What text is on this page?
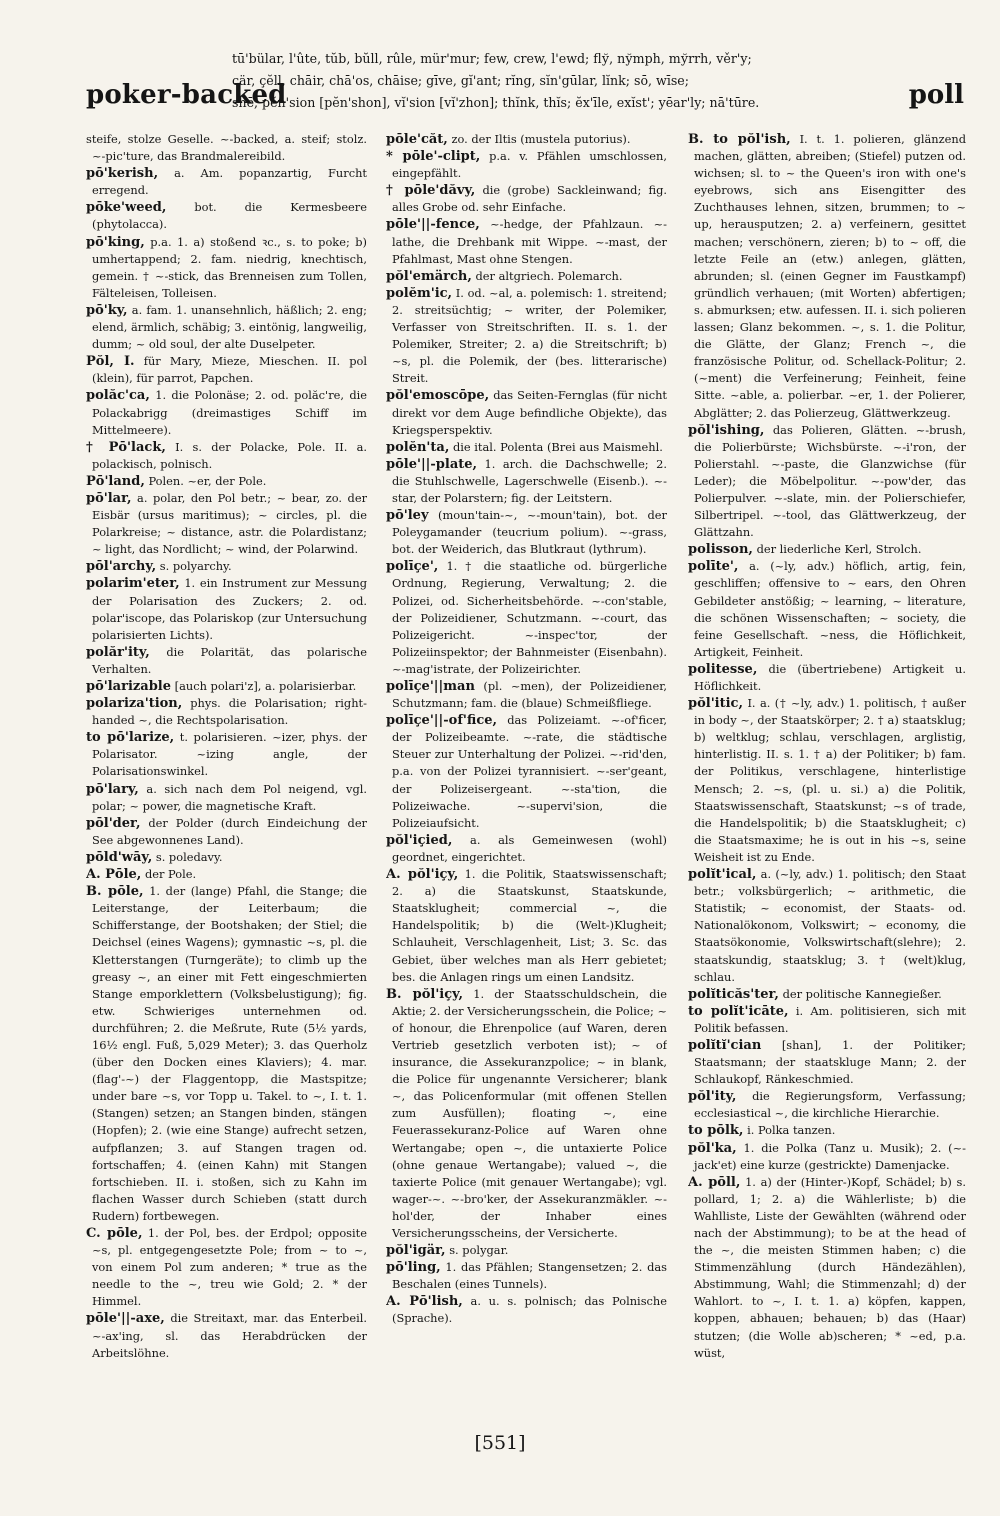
poker-backed
tū'bülar, l'ûte, tŭb, bŭll, rûle, mür'mur; few, crew, l'ewd; flў, nўmph, mўrrh, věr'y;
cär, çĕll, chāir, chā'os, chāise; gīve, gĭ'ant; rĭng, sĭn'gūlar, lĭnk; sō, wīse;
shē, pĕn'sion [pĕn'shon], vĭ'sion [vĭ'zhon]; thĭnk, thĭs; ĕx'īle, exĭst'; yēar'ly; nā'tūre.	poll

steife, stolze Geselle. ~-backed, a. steif; stolz. ~-pic'ture, das Brandmalereibild.

pō'kerish, a. Am. popanzartig, Furcht erregend.

pōke'weed, bot. die Kermesbeere (phytolacca).

pō'king, p.a. 1. a) stoßend ꝛc., s. to poke; b) umhertappend; 2. fam. niedrig, knechtisch, gemein. † ~-stick, das Brenneisen zum Tollen, Fälteleisen, Tolleisen.

pō'ky, a. fam. 1. unansehnlich, häßlich; 2. eng; elend, ärmlich, schäbig; 3. eintönig, langweilig, dumm; ~ old soul, der alte Duselpeter.

Pŏl, I. für Mary, Mieze, Mieschen. II. pol (klein), für parrot, Papchen.

polăc'ca, 1. die Polonäse; 2. od. polăc're, die Polackabrigg (dreimastiges Schiff im Mittelmeere).

† Pō'lack, I. s. der Polacke, Pole. II. a. polackisch, polnisch.

Pō'land, Polen. ~er, der Pole.

pō'lar, a. polar, den Pol betr.; ~ bear, zo. der Eisbär (ursus maritimus); ~ circles, pl. die Polarkreise; ~ distance, astr. die Polardistanz; ~ light, das Nordlicht; ~ wind, der Polarwind.

pōl'archy, s. polyarchy.

polarim'eter, 1. ein Instrument zur Messung der Polarisation des Zuckers; 2. od. polar'iscope, das Polariskop (zur Untersuchung polarisierten Lichts).

polăr'ity, die Polarität, das polarische Verhalten.

pō'larizable [auch polari'z], a. polarisierbar.

polariza'tion, phys. die Polarisation; right-handed ~, die Rechtspolarisation.

to pō'larize, t. polarisieren. ~izer, phys. der Polarisator. ~izing angle, der Polarisationswinkel.

pō'lary, a. sich nach dem Pol neigend, vgl. polar; ~ power, die magnetische Kraft.

pōl'der, der Polder (durch Eindeichung der See abgewonnenes Land).

pōld'wāy, s. poledavy.

A. Pōle, der Pole.

B. pōle, 1. der (lange) Pfahl, die Stange; die Leiterstange, der Leiterbaum; die Schifferstange, der Bootshaken; der Stiel; die Deichsel (eines Wagens); gymnastic ~s, pl. die Kletterstangen (Turngeräte); to climb up the greasy ~, an einer mit Fett eingeschmierten Stange emporklettern (Volksbelustigung); fig. etw. Schwieriges unternehmen od. durchführen; 2. die Meßrute, Rute (5½ yards, 16½ engl. Fuß, 5,029 Meter); 3. das Querholz (über den Docken eines Klaviers); 4. mar. (flag'-~) der Flaggentopp, die Mastspitze; under bare ~s, vor Topp u. Takel. to ~, I. t. 1. (Stangen) setzen; an Stangen binden, stängen (Hopfen); 2. (wie eine Stange) aufrecht setzen, aufpflanzen; 3. auf Stangen tragen od. fortschaffen; 4. (einen Kahn) mit Stangen fortschieben. II. i. stoßen, sich zu Kahn im flachen Wasser durch Schieben (statt durch Rudern) fortbewegen.

C. pōle, 1. der Pol, bes. der Erdpol; opposite ~s, pl. entgegengesetzte Pole; from ~ to ~, von einem Pol zum anderen; * true as the needle to the ~, treu wie Gold; 2. * der Himmel.

pōle'||-axe, die Streitaxt, mar. das Enterbeil. ~-ax'ing, sl. das Herabdrücken der Arbeitslöhne.

pōle'căt, zo. der Iltis (mustela putorius).

* pōle'-clipt, p.a. v. Pfählen umschlossen, eingepfählt.

† pōle'dăvy, die (grobe) Sackleinwand; fig. alles Grobe od. sehr Einfache.

pōle'||-fence, ~-hedge, der Pfahlzaun. ~-lathe, die Drehbank mit Wippe. ~-mast, der Pfahlmast, Mast ohne Stengen.

pŏl'emärch, der altgriech. Polemarch.

polĕm'ic, I. od. ~al, a. polemisch: 1. streitend; 2. streitsüchtig; ~ writer, der Polemiker, Verfasser von Streitschriften. II. s. 1. der Polemiker, Streiter; 2. a) die Streitschrift; b) ~s, pl. die Polemik, der (bes. litterarische) Streit.

pŏl'emoscōpe, das Seiten-Fernglas (für nicht direkt vor dem Auge befindliche Objekte), das Kriegsperspektiv.

polĕn'ta, die ital. Polenta (Brei aus Maismehl.

pōle'||-plate, 1. arch. die Dachschwelle; 2. die Stuhlschwelle, Lagerschwelle (Eisenb.). ~-star, der Polarstern; fig. der Leitstern.

pō'ley (moun'tain-~, ~-moun'tain), bot. der Poleygamander (teucrium polium). ~-grass, bot. der Weiderich, das Blutkraut (lythrum).

polīçe', 1. † die staatliche od. bürgerliche Ordnung, Regierung, Verwaltung; 2. die Polizei, od. Sicherheitsbehörde. ~-con'stable, der Polizeidiener, Schutzmann. ~-court, das Polizeigericht. ~-inspec'tor, der Polizeiinspektor; der Bahnmeister (Eisenbahn). ~-mag'istrate, der Polizeirichter.

polīçe'||man (pl. ~men), der Polizeidiener, Schutzmann; fam. die (blaue) Schmeißfliege.

polīçe'||-of'fice, das Polizeiamt. ~-of'ficer, der Polizeibeamte. ~-rate, die städtische Steuer zur Unterhaltung der Polizei. ~-rid'den, p.a. von der Polizei tyrannisiert. ~-ser'geant, der Polizeisergeant. ~-sta'tion, die Polizeiwache. ~-supervi'sion, die Polizeiaufsicht.

pŏl'içied, a. als Gemeinwesen (wohl) geordnet, eingerichtet.

A. pŏl'içy, 1. die Politik, Staatswissenschaft; 2. a) die Staatskunst, Staatskunde, Staatsklugheit; commercial ~, die Handelspolitik; b) die (Welt-)Klugheit; Schlauheit, Verschlagenheit, List; 3. Sc. das Gebiet, über welches man als Herr gebietet; bes. die Anlagen rings um einen Landsitz.

B. pŏl'içy, 1. der Staatsschuldschein, die Aktie; 2. der Versicherungsschein, die Police; ~ of honour, die Ehrenpolice (auf Waren, deren Vertrieb gesetzlich verboten ist); ~ of insurance, die Assekuranzpolice; ~ in blank, die Police für ungenannte Versicherer; blank ~, das Policenformular (mit offenen Stellen zum Ausfüllen); floating ~, eine Feuerassekuranz-Police auf Waren ohne Wertangabe; open ~, die untaxierte Police (ohne genaue Wertangabe); valued ~, die taxierte Police (mit genauer Wertangabe); vgl. wager-~. ~-bro'ker, der Assekuranzmäkler. ~-hol'der, der Inhaber eines Versicherungsscheins, der Versicherte.

pŏl'igär, s. polygar.

pō'ling, 1. das Pfählen; Stangensetzen; 2. das Beschalen (eines Tunnels).

A. Pō'lish, a. u. s. polnisch; das Polnische (Sprache).

B. to pŏl'ish, I. t. 1. polieren, glänzend machen, glätten, abreiben; (Stiefel) putzen od. wichsen; sl. to ~ the Queen's iron with one's eyebrows, sich ans Eisengitter des Zuchthauses lehnen, sitzen, brummen; to ~ up, herausputzen; 2. a) verfeinern, gesittet machen; verschönern, zieren; b) to ~ off, die letzte Feile an (etw.) anlegen, glätten, abrunden; sl. (einen Gegner im Faustkampf) gründlich verhauen; (mit Worten) abfertigen; s. abmurksen; etw. aufessen. II. i. sich polieren lassen; Glanz bekommen. ~, s. 1. die Politur, die Glätte, der Glanz; French ~, die französische Politur, od. Schellack-Politur; 2. (~ment) die Verfeinerung; Feinheit, feine Sitte. ~able, a. polierbar. ~er, 1. der Polierer, Abglätter; 2. das Polierzeug, Glättwerkzeug.

pŏl'ishing, das Polieren, Glätten. ~-brush, die Polierbürste; Wichsbürste. ~-i'ron, der Polierstahl. ~-paste, die Glanzwichse (für Leder); die Möbelpolitur. ~-pow'der, das Polierpulver. ~-slate, min. der Polierschiefer, Silbertripel. ~-tool, das Glättwerkzeug, der Glättzahn.

polisson, der liederliche Kerl, Strolch.

polīte', a. (~ly, adv.) höflich, artig, fein, geschliffen; offensive to ~ ears, den Ohren Gebildeter anstößig; ~ learning, ~ literature, die schönen Wissenschaften; ~ society, die feine Gesellschaft. ~ness, die Höflichkeit, Artigkeit, Feinheit.

politesse, die (übertriebene) Artigkeit u. Höflichkeit.

pŏl'itic, I. a. († ~ly, adv.) 1. politisch, † außer in body ~, der Staatskörper; 2. † a) staatsklug; b) weltklug; schlau, verschlagen, arglistig, hinterlistig. II. s. 1. † a) der Politiker; b) fam. der Politikus, verschlagene, hinterlistige Mensch; 2. ~s, (pl. u. si.) a) die Politik, Staatswissenschaft, Staatskunst; ~s of trade, die Handelspolitik; b) die Staatsklugheit; c) die Staatsmaxime; he is out in his ~s, seine Weisheit ist zu Ende.

polĭt'ical, a. (~ly, adv.) 1. politisch; den Staat betr.; volksbürgerlich; ~ arithmetic, die Statistik; ~ economist, der Staats- od. Nationalökonom, Volkswirt; ~ economy, die Staatsökonomie, Volkswirtschaft(slehre); 2. staatskundig, staatsklug; 3. † (welt)klug, schlau.

polĭticăs'ter, der politische Kannegießer.

to polĭt'icāte, i. Am. politisieren, sich mit Politik befassen.

polĭtĭ'cian [shan], 1. der Politiker; Staatsmann; der staatskluge Mann; 2. der Schlaukopf, Ränkeschmied.

pŏl'ity, die Regierungsform, Verfassung; ecclesiastical ~, die kirchliche Hierarchie.

to pōlk, i. Polka tanzen.

pŏl'ka, 1. die Polka (Tanz u. Musik); 2. (~-jack'et) eine kurze (gestrickte) Damenjacke.

A. pōll, 1. a) der (Hinter-)Kopf, Schädel; b) s. pollard, 1; 2. a) die Wählerliste; b) die Wahlliste, Liste der Gewählten (während oder nach der Abstimmung); to be at the head of the ~, die meisten Stimmen haben; c) die Stimmenzählung (durch Händezählen), Abstimmung, Wahl; die Stimmenzahl; d) der Wahlort. to ~, I. t. 1. a) köpfen, kappen, koppen, abhauen; behauen; b) das (Haar) stutzen; (die Wolle ab)scheren; * ~ed, p.a. wüst,

[551]
